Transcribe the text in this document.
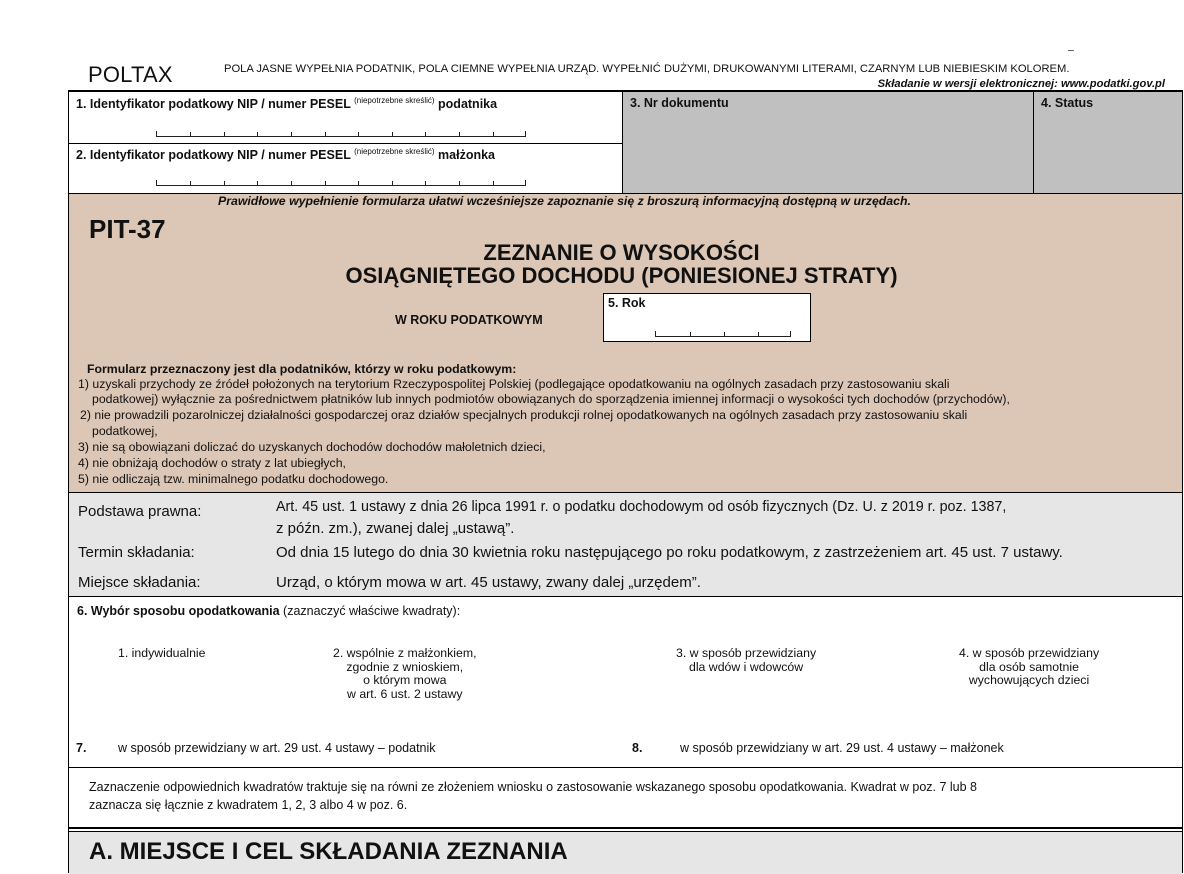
POLTAX	POLA JASNE WYPEŁNIA PODATNIK, POLA CIEMNE WYPEŁNIA URZĄD. WYPEŁNIĆ DUŻYMI, DRUKOWANYMI LITERAMI, CZARNYM LUB NIEBIESKIM KOLOREM.
Składanie w wersji elektronicznej: www.podatki.gov.pl
1. Identyfikator podatkowy NIP / numer PESEL $^{(niepotrzebne skreślić)}$ podatnika
2. Identyfikator podatkowy NIP / numer PESEL $^{(niepotrzebne skreślić)}$ małżonka
3. Nr dokumentu	4. Status
Prawidłowe wypełnienie formularza ułatwi wcześniejsze zapoznanie się z broszurą informacyjną dostępną w urzędach.
PIT-37
ZEZNANIE O WYSOKOŚCI
OSIĄGNIĘTEGO DOCHODU (PONIESIONEJ STRATY)
W ROKU PODATKOWYM
5. Rok
Formularz przeznaczony jest dla podatników, którzy w roku podatkowym:
1) uzyskali przychody ze źródeł położonych na terytorium Rzeczypospolitej Polskiej (podlegające opodatkowaniu na ogólnych zasadach przy zastosowaniu skali
podatkowej) wyłącznie za pośrednictwem płatników lub innych podmiotów obowiązanych do sporządzenia imiennej informacji o wysokości tych dochodów (przychodów),
2) nie prowadzili pozarolniczej działalności gospodarczej oraz działów specjalnych produkcji rolnej opodatkowanych na ogólnych zasadach przy zastosowaniu skali
podatkowej,
3) nie są obowiązani doliczać do uzyskanych dochodów dochodów małoletnich dzieci,
4) nie obniżają dochodów o straty z lat ubiegłych,
5) nie odliczają tzw. minimalnego podatku dochodowego.
Podstawa prawna:	Art. 45 ust. 1 ustawy z dnia 26 lipca 1991 r. o podatku dochodowym od osób fizycznych (Dz. U. z 2019 r. poz. 1387,
z późn. zm.), zwanej dalej „ustawą”.
Termin składania:	Od dnia 15 lutego do dnia 30 kwietnia roku następującego po roku podatkowym, z zastrzeżeniem art. 45 ust. 7 ustawy.
Miejsce składania:	Urząd, o którym mowa w art. 45 ustawy, zwany dalej „urzędem”.
6. Wybór sposobu opodatkowania (zaznaczyć właściwe kwadraty):
1. indywidualnie	2. wspólnie z małżonkiem,
zgodnie z wnioskiem,
o którym mowa
w art. 6 ust. 2 ustawy
3. w sposób przewidziany
dla wdów i wdowców
4. w sposób przewidziany
dla osób samotnie
wychowujących dzieci
7.	w sposób przewidziany w art. 29 ust. 4 ustawy – podatnik	8.	w sposób przewidziany w art. 29 ust. 4 ustawy – małżonek
Zaznaczenie odpowiednich kwadratów traktuje się na równi ze złożeniem wniosku o zastosowanie wskazanego sposobu opodatkowania. Kwadrat w poz. 7 lub 8
zaznacza się łącznie z kwadratem 1, 2, 3 albo 4 w poz. 6.
A. MIEJSCE I CEL SKŁADANIA ZEZNANIA
